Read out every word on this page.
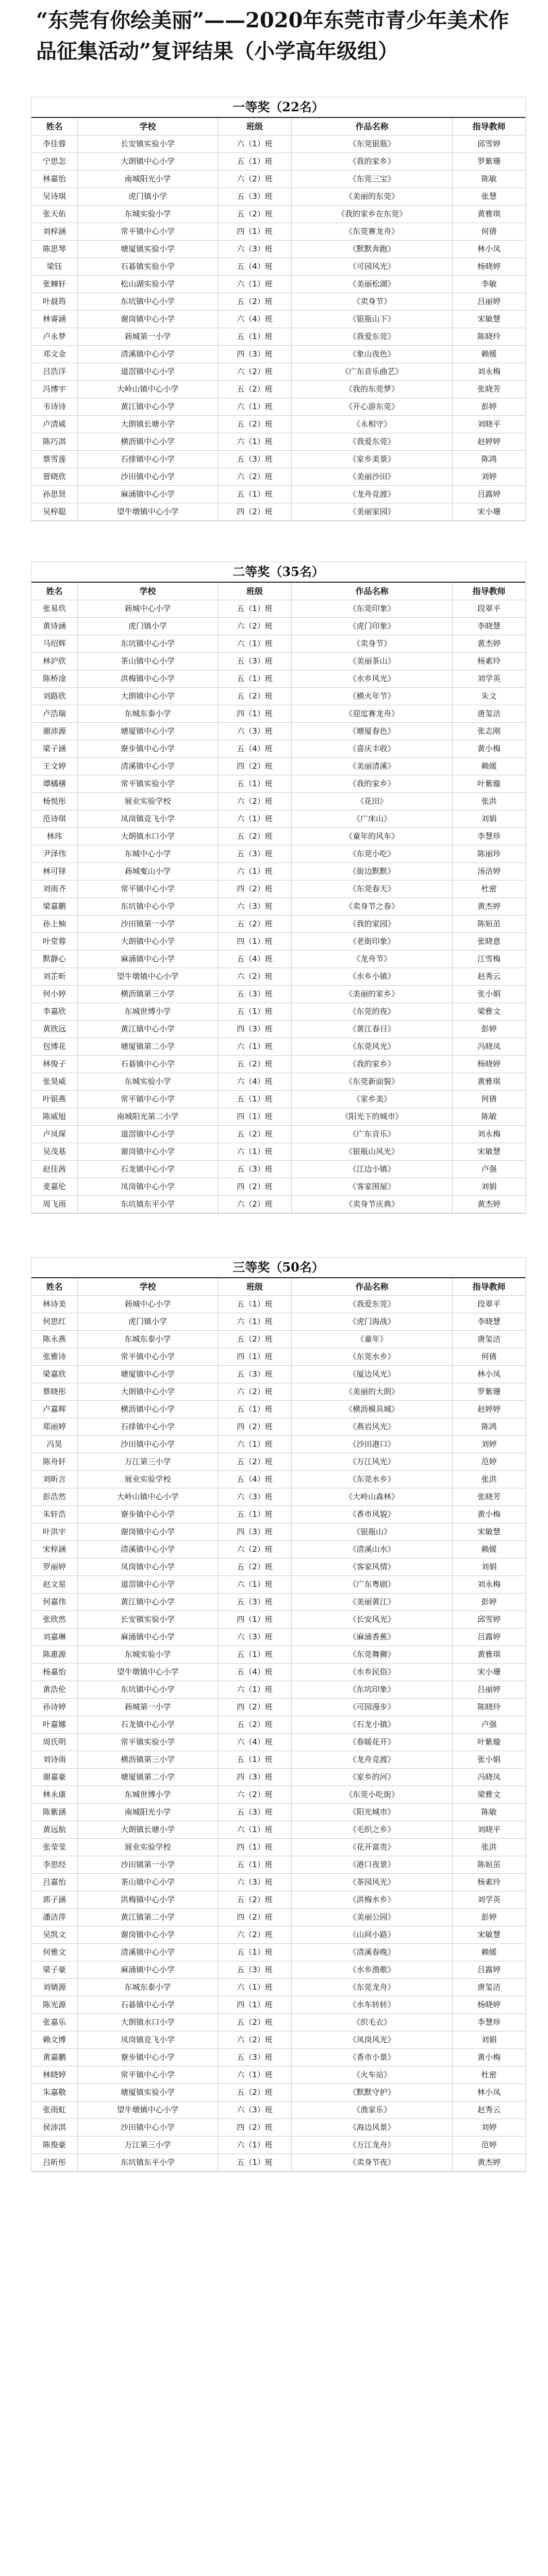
“东莞有你绘美丽”——2020年东莞市青少年美术作品征集活动”复评结果（小学高年级组）
一等奖（22名）
姓名	学校	班级	作品名称	指导教师
李佳蓉	长安镇实验小学	六（1）班	《东莞银瓶》	邱雪婷
宁思怎	大朗镇中心小学	五（1）班	《我的家乡》	罗紫珊
林嘉怡	南城阳光小学	六（2）班	《东莞三宝》	陈敏
吴诗琪	虎门镇小学	五（3）班	《美丽的东莞》	张慧
张天佑	东城实验小学	五（2）班	《我的家乡在东莞》	黄雅琪
刘梓涵	常平镇中心小学	四（1）班	《东莞赛龙舟》	何倩
陈思琴	塘厦镇实验小学	六（3）班	《默默奔跑》	林小凤
梁钰	石碁镇实验小学	五（4）班	《可园风光》	杨晓婷
张棘轩	松山湖实验小学	六（1）班	《美丽松湖》	李敏
叶晨筠	东坑镇中心小学	五（2）班	《卖身节》	吕丽婷
林睿涵	谢岗镇中心小学	六（4）班	《银瓶山下》	宋敏慧
卢永梦	菞城第一小学	五（1）班	《我爱东莞》	陈晓玲
邓文金	清溪镇中心小学	四（3）班	《象山夜色》	赖媛
吕浩洋	道滘镇中心小学	六（2）班	《广东音乐曲艺》	刘永梅
冯博宇	大岭山镇中心小学	五（2）班	《我的东莞梦》	张晓芳
韦诗诗	黄江镇中心小学	六（1）班	《开心游东莞》	彭婷
卢清威	大朗镇长塘小学	五（2）班	《永相守》	刘晓平
陈巧淇	横沥镇中心小学	六（1）班	《我爱东莞》	赵婷婷
蔡雪莲	石排镇中心小学	五（3）班	《家乡美景》	陈鸿
曾晓欣	沙田镇中心小学	六（2）班	《美丽沙田》	刘婷
孙思贤	麻涌镇中心小学	五（1）班	《龙舟竞渡》	吕露婷
吴梓聪	望牛墩镇中心小学	四（2）班	《美丽家园》	宋小珊
二等奖（35名）
姓名	学校	班级	作品名称	指导教师
张易玖	菞城中心小学	五（1）班	《东莞印象》	段翠平
黄诗涵	虎门镇小学	六（2）班	《虎门印象》	李晓慧
马绍辉	东坑镇中心小学	六（1）班	《卖身节》	黄杰婷
林沪欣	茶山镇中心小学	五（3）班	《美丽茶山》	杨素玲
陈桥淦	洪梅镇中心小学	五（1）班	《水乡风光》	刘学英
刘路欣	大朗镇中心小学	五（2）班	《横火年节》	朱文
卢浩瑞	东城东泰小学	四（1）班	《迎迱赛龙舟》	唐玺洁
谢沛源	塘厦镇中心小学	六（3）班	《塘厦春色》	张志刚
梁子涵	寮步镇中心小学	五（4）班	《喜庆丰收》	黄小梅
王文婷	清溪镇中心小学	四（2）班	《美丽清溪》	赖媛
谭橘橏	常平镇实验小学	五（1）班	《我的家乡》	叶紫璇
杨悦彤	展业实验学校	六（2）班	《花田》	张洪
范诗琪	凤岗镇竞飞小学	六（1）班	《广床山》	刘娟
林玮	大朗镇水口小学	五（2）班	《童年的风车》	李慧珍
尹泽伟	东城中心小学	五（3）班	《东莞小吃》	陈丽珍
林可铎	菞城寃山小学	六（1）班	《街边默默》	汤洁婷
刘雨齐	常平镇中心小学	四（2）班	《东莞春天》	杜密
梁嘉鹏	东坑镇中心小学	六（3）班	《卖身节之春》	黄杰婷
孙上柚	沙田镇第一小学	五（2）班	《我的家园》	陈姮茁
叶堂蓉	大朗镇中心小学	四（1）班	《老街印象》	张晓意
默静心	麻涌镇中心小学	五（4）班	《龙舟节》	江雪梅
刘芷昕	望牛墩镇中心小学	六（2）班	《水乡小镇》	赵秀云
何小婷	横沥镇第三小学	五（3）班	《美丽的家乡》	张小娟
李嘉欣	东城世博小学	五（1）班	《东莞的夜》	梁雅文
黄欣远	黄江镇中心小学	四（3）班	《黄江春日》	彭婷
包博花	塘厦镇第二小学	六（1）班	《东莞风光》	冯晓凤
林俊子	石碁镇中心小学	五（2）班	《我的家乡》	杨晓婷
张昊威	东城实验小学	六（4）班	《东莞新面貌》	黄雅琪
叶银燕	常平镇中心小学	五（1）班	《家乡美》	何倩
陈威旭	南城阳光第二小学	四（1）班	《阳光下的城市》	陈敏
卢凤琛	道滘镇中心小学	五（2）班	《广东音乐》	刘永梅
吴茂基	谢岗镇中心小学	六（1）班	《银瓶山风光》	宋敏慧
赵佳茜	石龙镇中心小学	五（3）班	《江边小镇》	卢强
麦嘉伦	凤岗镇中心小学	四（2）班	《客家围屋》	刘娟
周飞雨	东坑镇东平小学	六（2）班	《卖身节庆典》	黄杰婷
三等奖（50名）
姓名	学校	班级	作品名称	指导教师
林诗美	菞城中心小学	五（1）班	《我爱东莞》	段翠平
何思红	虎门镇小学	六（1）班	《虎门海战》	李晓慧
陈永燕	东城东泰小学	五（2）班	《童年》	唐玺洁
张雅诗	常平镇中心小学	四（1）班	《东莞水乡》	何倩
梁嘉欣	塘厦镇中心小学	五（3）班	《厦边风光》	林小凤
蔡晓彤	大朗镇中心小学	六（2）班	《美丽的大朗》	罗紫珊
卢嘉辉	横沥镇中心小学	五（1）班	《横沥模具城》	赵婷婷
郑丽婷	石排镇中心小学	四（2）班	《燕岩风光》	陈鸿
冯昊	沙田镇中心小学	六（1）班	《沙田港口》	刘婷
陈舟轩	万江第三小学	五（2）班	《万江风光》	范婷
刘昕言	展业实验学校	五（4）班	《东莞水乡》	张洪
彭浩然	大岭山镇中心小学	六（3）班	《大岭山森林》	张晓芳
朱轩浩	寮步镇中心小学	五（1）班	《香市风貌》	黄小梅
叶洪宇	谢岗镇中心小学	四（3）班	《银瓶山》	宋敏慧
宋梓涵	清溪镇中心小学	六（2）班	《清溪山水》	赖媛
罗丽婷	凤岗镇中心小学	五（2）班	《客家风情》	刘娟
赵文星	道滘镇中心小学	六（1）班	《广东粤剧》	刘永梅
何嘉伟	黄江镇中心小学	五（3）班	《美丽黄江》	彭婷
张欣然	长安镇实验小学	四（1）班	《长安风光》	邱雪婷
刘嘉琳	麻涌镇中心小学	六（3）班	《麻涌香蕉》	吕露婷
陈惠源	东城实验小学	五（1）班	《东莞舞狮》	黄雅琪
杨嘉怡	望牛墩镇中心小学	五（4）班	《水乡民俗》	宋小珊
黄浩伦	东坑镇中心小学	六（1）班	《东坑印象》	吕丽婷
孙诗婷	菞城第一小学	四（2）班	《可园漫步》	陈晓玲
叶嘉娜	石龙镇中心小学	五（2）班	《石龙小镇》	卢强
周氏明	常平镇实验小学	六（4）班	《春暖花开》	叶紫璇
刘诗雨	横沥镇第三小学	五（1）班	《龙舟竞渡》	张小娟
谢嘉豪	塘厦镇第二小学	四（3）班	《家乡的河》	冯晓凤
林永康	东城世博小学	六（2）班	《东莞小吃街》	梁雅文
陈紫涵	南城阳光小学	五（3）班	《阳光城市》	陈敏
黄远航	大朗镇长塘小学	六（1）班	《毛织之乡》	刘晓平
张莹莹	展业实验学校	四（1）班	《花开富贵》	张洪
李思经	沙田镇第一小学	五（1）班	《港口夜景》	陈姮茁
吕嘉怡	茶山镇中心小学	六（3）班	《茶园风光》	杨素玲
郭子涵	洪梅镇中心小学	五（2）班	《洪梅水乡》	刘学英
潘洁萍	黄江镇第二小学	四（2）班	《美丽公园》	彭婷
吴凯文	谢岗镇中心小学	六（2）班	《山间小路》	宋敏慧
何雅文	清溪镇中心小学	五（1）班	《清溪春晚》	赖媛
梁子豪	麻涌镇中心小学	五（3）班	《水乡渔歌》	吕露婷
刘婧源	东城东泰小学	六（1）班	《东莞龙舟》	唐玺洁
陈光源	石碁镇中心小学	四（1）班	《水车转转》	杨晓婷
张嘉乐	大朗镇水口小学	五（2）班	《织毛衣》	李慧珍
赖文博	凤岗镇竞飞小学	六（2）班	《凤岗风光》	刘娟
黄嘉鹏	寮步镇中心小学	五（3）班	《香市小景》	黄小梅
林晓婷	常平镇中心小学	六（1）班	《火车站》	杜密
朱嘉敬	塘厦镇实验小学	五（2）班	《默默守护》	林小凤
张雨虹	望牛墩镇中心小学	六（3）班	《渔家乐》	赵秀云
侯沛淇	沙田镇中心小学	四（2）班	《海边风景》	刘婷
陈俊豪	万江第三小学	六（1）班	《万江龙舟》	范婷
吕昕彤	东坑镇东平小学	五（1）班	《卖身节夜》	黄杰婷
